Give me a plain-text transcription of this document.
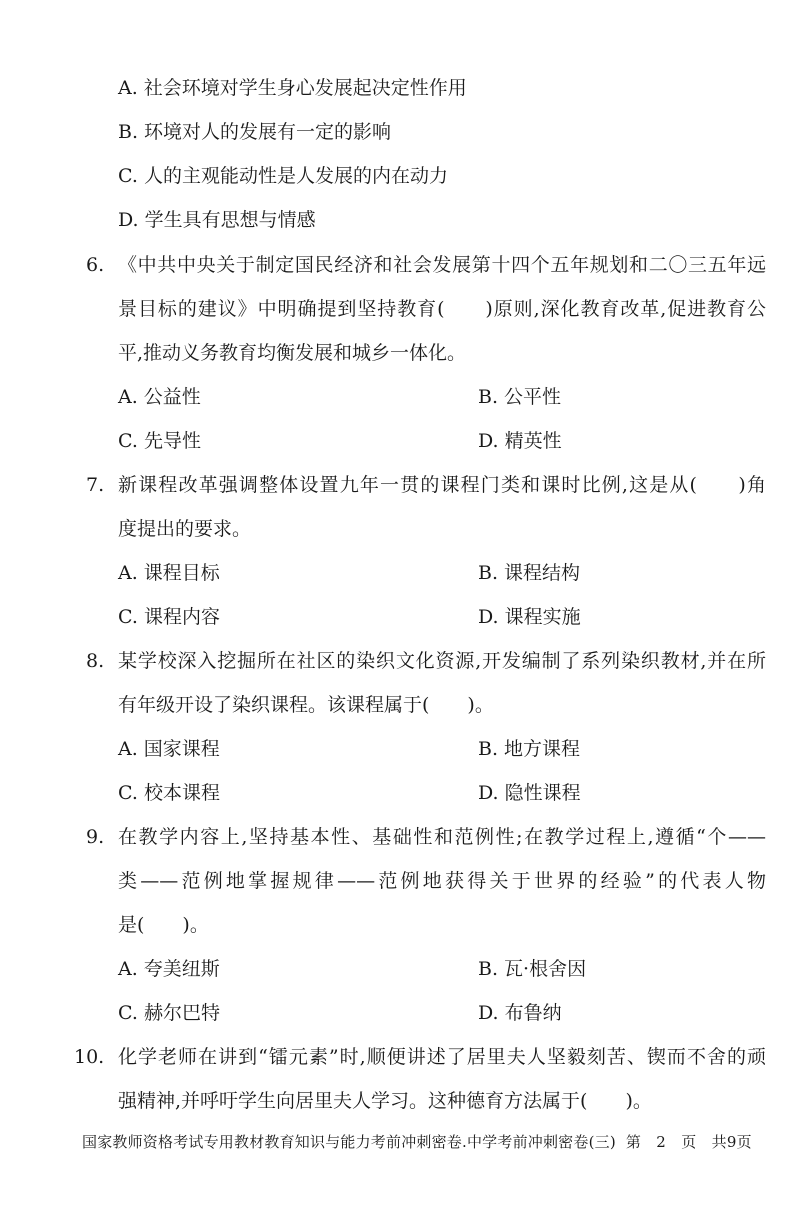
A. 社会环境对学生身心发展起决定性作用
B. 环境对人的发展有一定的影响
C. 人的主观能动性是人发展的内在动力
D. 学生具有思想与情感
6. 《中共中央关于制定国民经济和社会发展第十四个五年规划和二〇三五年远
景目标的建议》中明确提到坚持教育(　　)原则,深化教育改革,促进教育公
平,推动义务教育均衡发展和城乡一体化。
A. 公益性	B. 公平性
C. 先导性	D. 精英性
7. 新课程改革强调整体设置九年一贯的课程门类和课时比例,这是从(　　)角
度提出的要求。
A. 课程目标	B. 课程结构
C. 课程内容	D. 课程实施
8. 某学校深入挖掘所在社区的染织文化资源,开发编制了系列染织教材,并在所
有年级开设了染织课程。该课程属于(　　)。
A. 国家课程	B. 地方课程
C. 校本课程	D. 隐性课程
9. 在教学内容上,坚持基本性、基础性和范例性;在教学过程上,遵循“个——
类——范例地掌握规律——范例地获得关于世界的经验”的代表人物
是(　　)。
A. 夸美纽斯	B. 瓦·根舍因
C. 赫尔巴特	D. 布鲁纳
10. 化学老师在讲到“镭元素”时,顺便讲述了居里夫人坚毅刻苦、锲而不舍的顽
强精神,并呼吁学生向居里夫人学习。这种德育方法属于(　　)。
国家教师资格考试专用教材教育知识与能力考前冲刺密卷.中学考前冲刺密卷(三) 第　2　页　共9页
